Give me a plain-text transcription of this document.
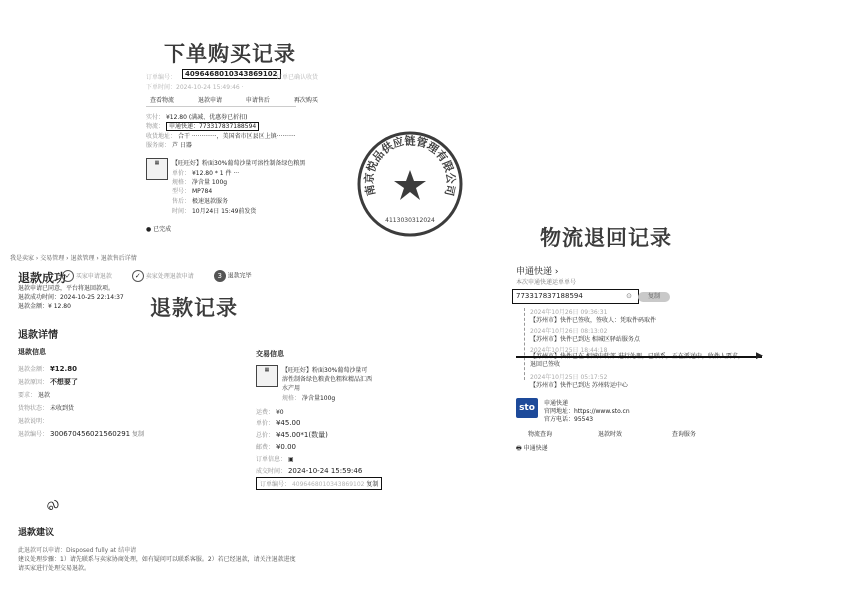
下单购买记录
订单编号：	4096468010343869102
订单已确认收货
下单时间：2024-10-24 15:49:46 ·
查看物流	退款申请	申请售后	再次购买
实付： ¥12.80 (满减、优惠券已折扣)
物流： 申通快递：773317837188594
收货地址： 合干 ·············，美国省市区县区上镇··········
服务商： 芦 日器
▦	【旺旺好】粉面30%葡萄沙量可溶性制备绿色粮黑
单价： ¥12.80 * 1 件 ···
规格： 净含量 100g
型号： MP784
售后： 极速退款服务
时间： 10月24日 15:49前发货
● 已完成
南京悦品供应链管理有限公司
4113030312024
我是卖家 › 交易管理 › 退款管理 › 退款售后详情
退款成功 ✓ 买家申请退款	✓ 卖家处理退款申请	3 退款完毕
退款申请已同意，平台将退回款项。
退款成功时间：2024-10-25 22:14:37
退款金额：¥ 12.80	退款记录
退款详情
退款信息
退款金额： ¥12.80
退款原因： 不想要了
要求： 退款
货物状态： 未收到货
退款说明：
退款编号： 300670456021560291 复制
交易信息
▦	【旺旺好】粉面30%葡萄沙量可溶性制备绿色粮黄色粗粒精品汇西水产用
规格： 净含量100g
运费： ¥0
单价： ¥45.00
总价： ¥45.00*1(数量)
邮费： ¥0.00
订单信息： ▣
成交时间： 2024-10-24 15:59:46
订单编号： 4096468010343869102 复制
ல
退款建议
此退款可以申请：Disposed fully at 结申请
建议处理步骤：1）请先联系与卖家协商处理，如有疑问可以联系客服。2）若已经退款，请关注退款进度
请买家进行处理交易退款。
物流退回记录
申通快递 ›
本次申通快递运单单号
773317837188594	⊙	复制
2024年10月26日 09:36:31
【苏州市】快件已签收，签收人：凭取件码取件
2024年10月26日 08:13:02
【苏州市】快件已到达 相城区驿站服务点
2024年10月25日 18:44:18
【苏州市】快件已在 相城中转部 进行处理，已联系，正在派送中，收件人要求，退回已签收
▶
2024年10月25日 05:17:52
【苏州市】快件已到达 苏州转运中心
sto	申通快递
官网地址：https://www.sto.cn
官方电话：95543
物流查询	退款时效	查询服务
🖶 申通快递
